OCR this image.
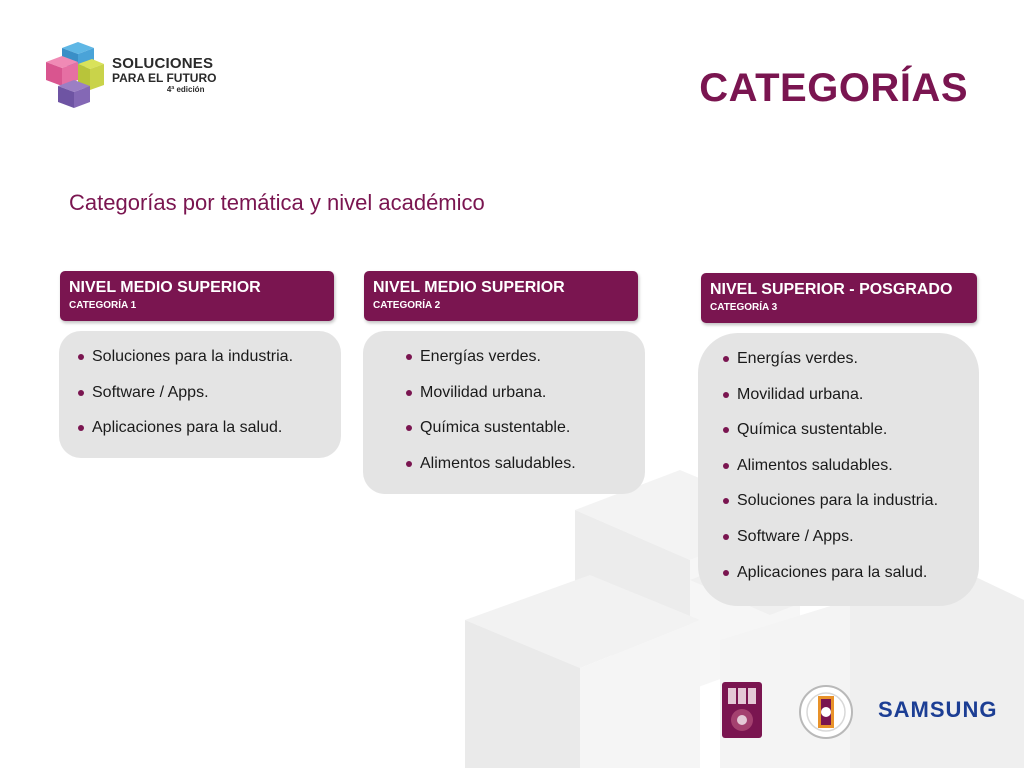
SOLUCIONES
PARA EL FUTURO
4ª edición	CATEGORÍAS
Categorías por temática y nivel académico
NIVEL MEDIO SUPERIOR
CATEGORÍA 1
Soluciones para la industria.
Software / Apps.
Aplicaciones para la salud.
NIVEL MEDIO SUPERIOR
CATEGORÍA 2
Energías verdes.
Movilidad urbana.
Química sustentable.
Alimentos saludables.
NIVEL SUPERIOR - POSGRADO
CATEGORÍA 3
Energías verdes.
Movilidad urbana.
Química sustentable.
Alimentos saludables.
Soluciones para la industria.
Software / Apps.
Aplicaciones para la salud.
SAMSUNG
